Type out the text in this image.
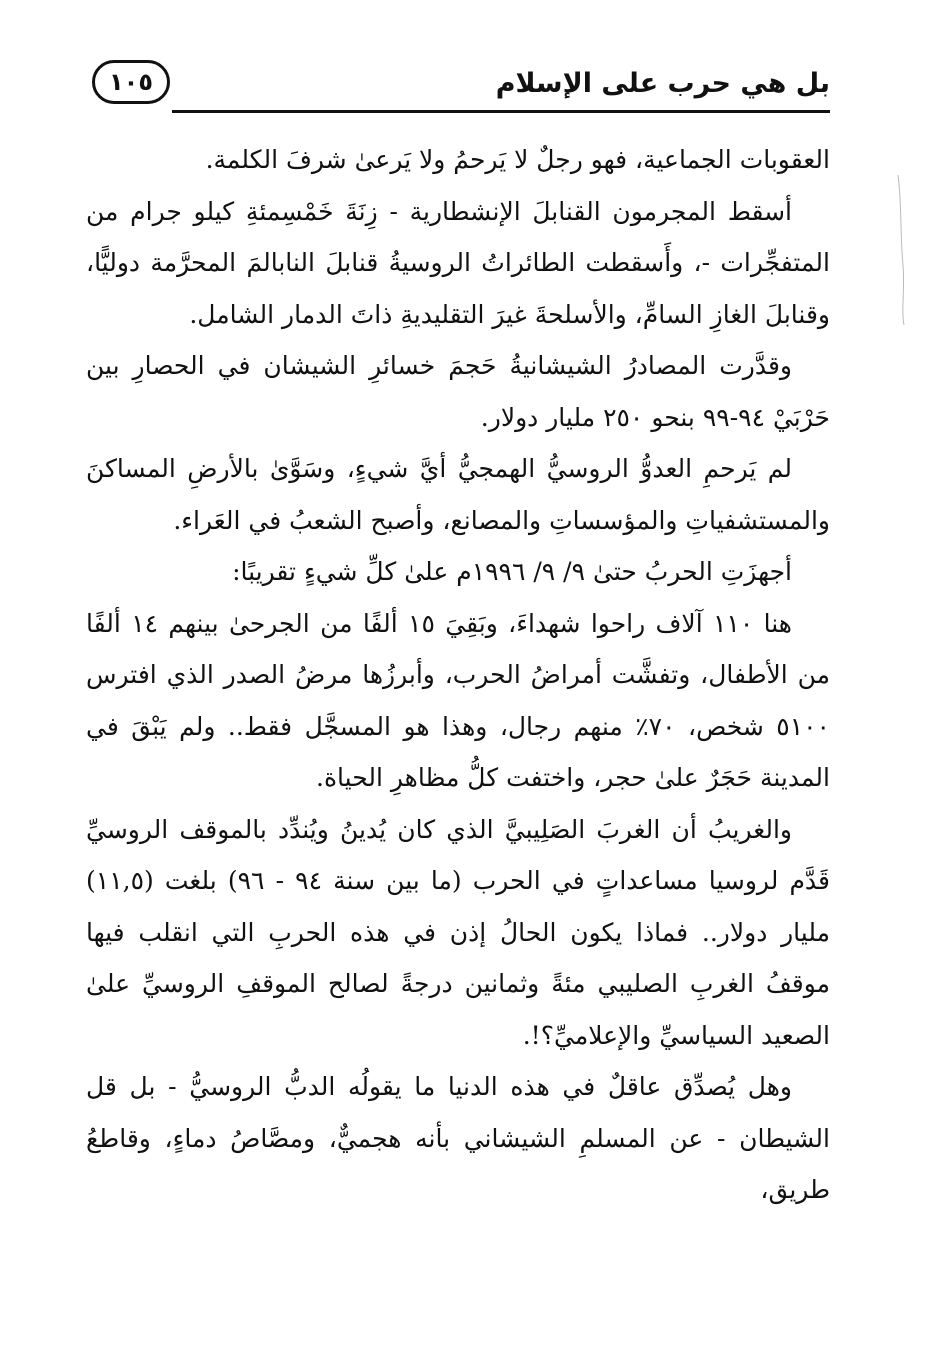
بل هي حرب على الإسلام
١٠٥

العقوبات الجماعية، فهو رجلٌ لا يَرحمُ ولا يَرعىٰ شرفَ الكلمة.

أسقط المجرمون القنابلَ الإنشطارية - زِنَةَ خَمْسِمئةِ كيلو جرام من المتفجِّرات -، وأَسقطت الطائراتُ الروسيةُ قنابلَ النابالمَ المحرَّمة دوليًّا، وقنابلَ الغازِ السامِّ، والأسلحةَ غيرَ التقليديةِ ذاتَ الدمار الشامل.

وقدَّرت المصادرُ الشيشانيةُ حَجمَ خسائرِ الشيشان في الحصارِ بين حَرْبَيْ ٩٤-٩٩ بنحو ٢٥٠ مليار دولار.

لم يَرحمِ العدوُّ الروسيُّ الهمجيُّ أيَّ شيءٍ، وسَوَّىٰ بالأرضِ المساكنَ والمستشفياتِ والمؤسساتِ والمصانع، وأصبح الشعبُ في العَراء.

أجهزَتِ الحربُ حتىٰ ٩/ ٩/ ١٩٩٦م علىٰ كلِّ شيءٍ تقريبًا:

هنا ١١٠ آلاف راحوا شهداءَ، وبَقِيَ ١٥ ألفًا من الجرحىٰ بينهم ١٤ ألفًا من الأطفال، وتفشَّت أمراضُ الحرب، وأبرزُها مرضُ الصدر الذي افترس ٥١٠٠ شخص، ٧٠٪ منهم رجال، وهذا هو المسجَّل فقط.. ولم يَبْقَ في المدينة حَجَرٌ علىٰ حجر، واختفت كلُّ مظاهرِ الحياة.

والغريبُ أن الغربَ الصَلِيبيَّ الذي كان يُدينُ ويُندِّد بالموقف الروسيِّ قَدَّم لروسيا مساعداتٍ في الحرب (ما بين سنة ٩٤ - ٩٦) بلغت (١١,٥) مليار دولار.. فماذا يكون الحالُ إذن في هذه الحربِ التي انقلب فيها موقفُ الغربِ الصليبي مئةً وثمانين درجةً لصالح الموقفِ الروسيِّ علىٰ الصعيد السياسيِّ والإعلاميِّ؟!.

وهل يُصدِّق عاقلٌ في هذه الدنيا ما يقولُه الدبُّ الروسيُّ - بل قل الشيطان - عن المسلمِ الشيشاني بأنه هجميٌّ، ومصَّاصُ دماءٍ، وقاطعُ طريق،
